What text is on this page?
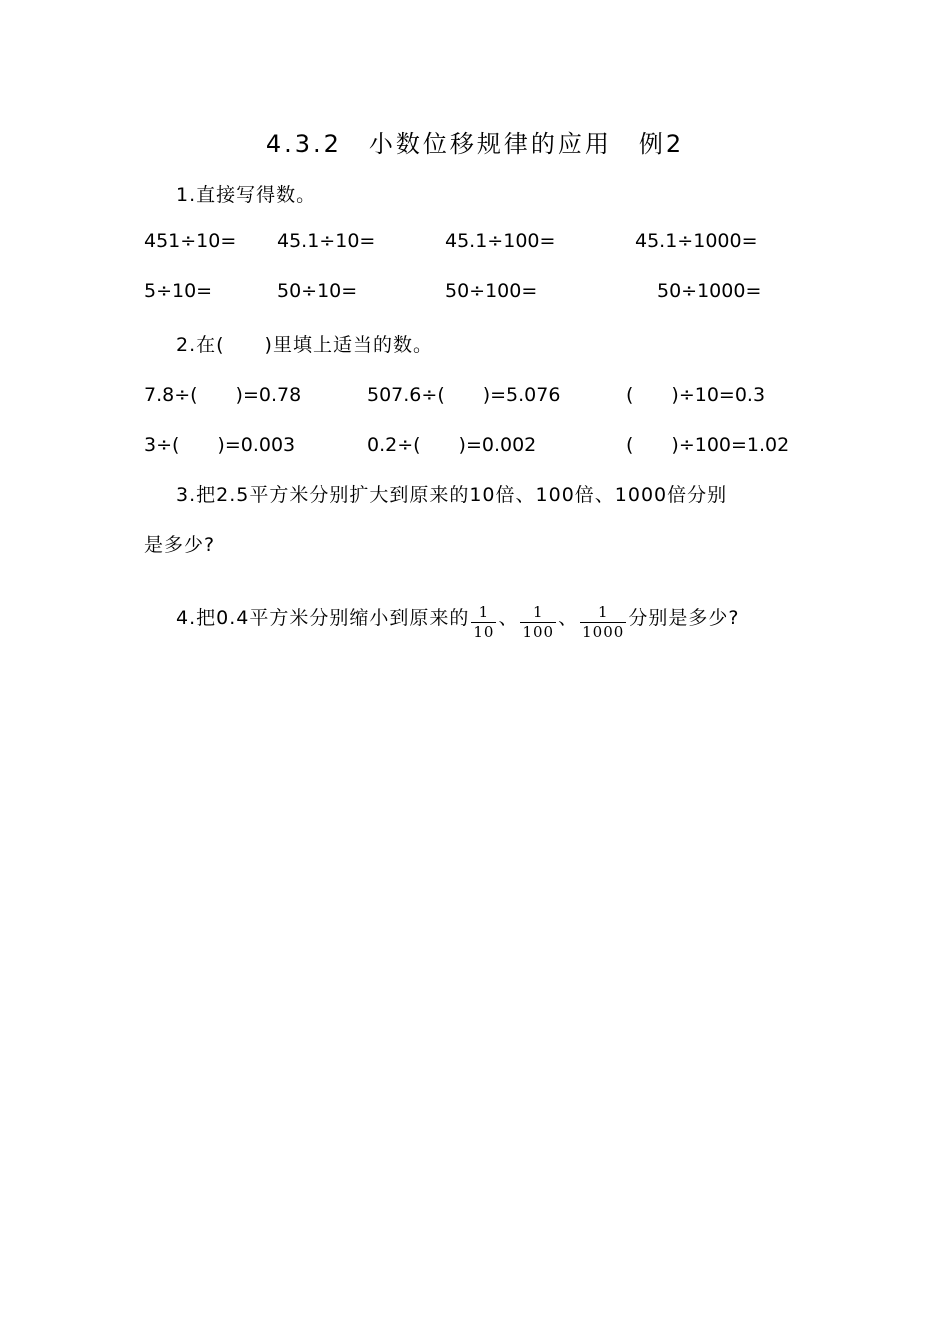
4.3.2　小数位移规律的应用　例2
1.直接写得数。
451÷10= 45.1÷10=	45.1÷100=	45.1÷1000=
5÷10=	50÷10=	50÷100=	50÷1000=
2.在(　　)里填上适当的数。
7.8÷(　　)=0.78	507.6÷(　　)=5.076	(　　)÷10=0.3
3÷(　　)=0.003	0.2÷(　　)=0.002	(　　)÷100=1.02
3.把2.5平方米分别扩大到原来的10倍、100倍、1000倍分别
是多少?
4.把0.4平方米分别缩小到原来的 $\frac{1}{10}$ 、 $\frac{1}{100}$ 、 $\frac{1}{1000}$ 分别是多少?
